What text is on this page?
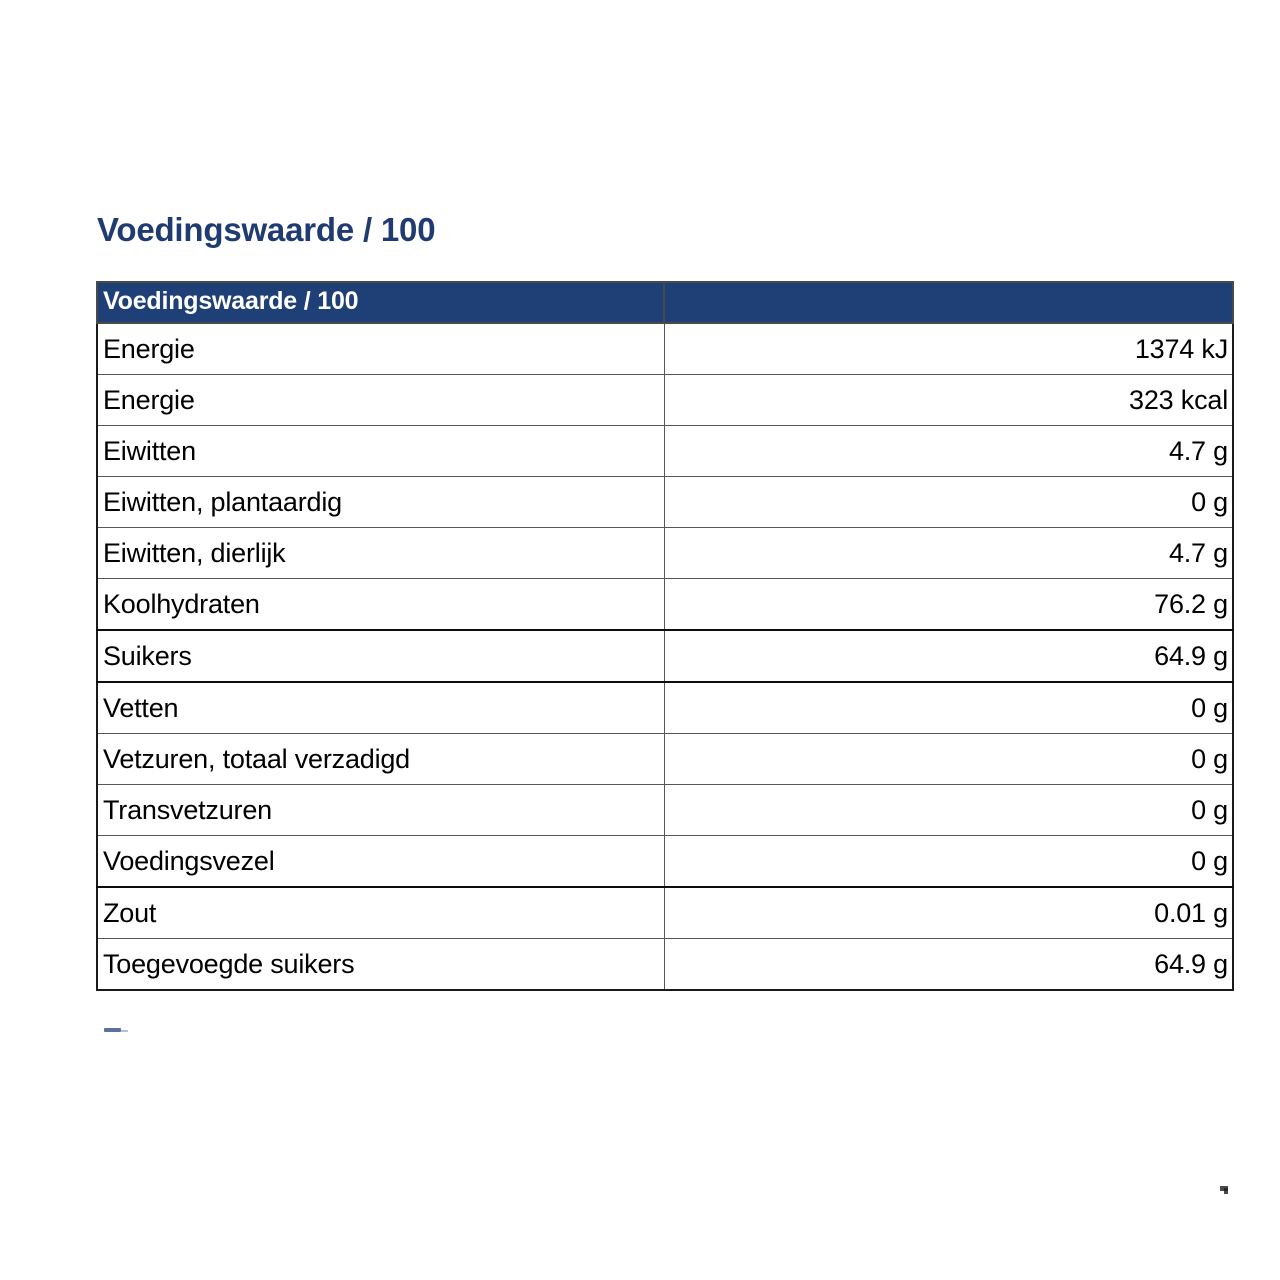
Voedingswaarde / 100
Voedingswaarde / 100	
Energie	1374 kJ
Energie	323 kcal
Eiwitten	4.7 g
Eiwitten, plantaardig	0 g
Eiwitten, dierlijk	4.7 g
Koolhydraten	76.2 g
Suikers	64.9 g
Vetten	0 g
Vetzuren, totaal verzadigd	0 g
Transvetzuren	0 g
Voedingsvezel	0 g
Zout	0.01 g
Toegevoegde suikers	64.9 g
